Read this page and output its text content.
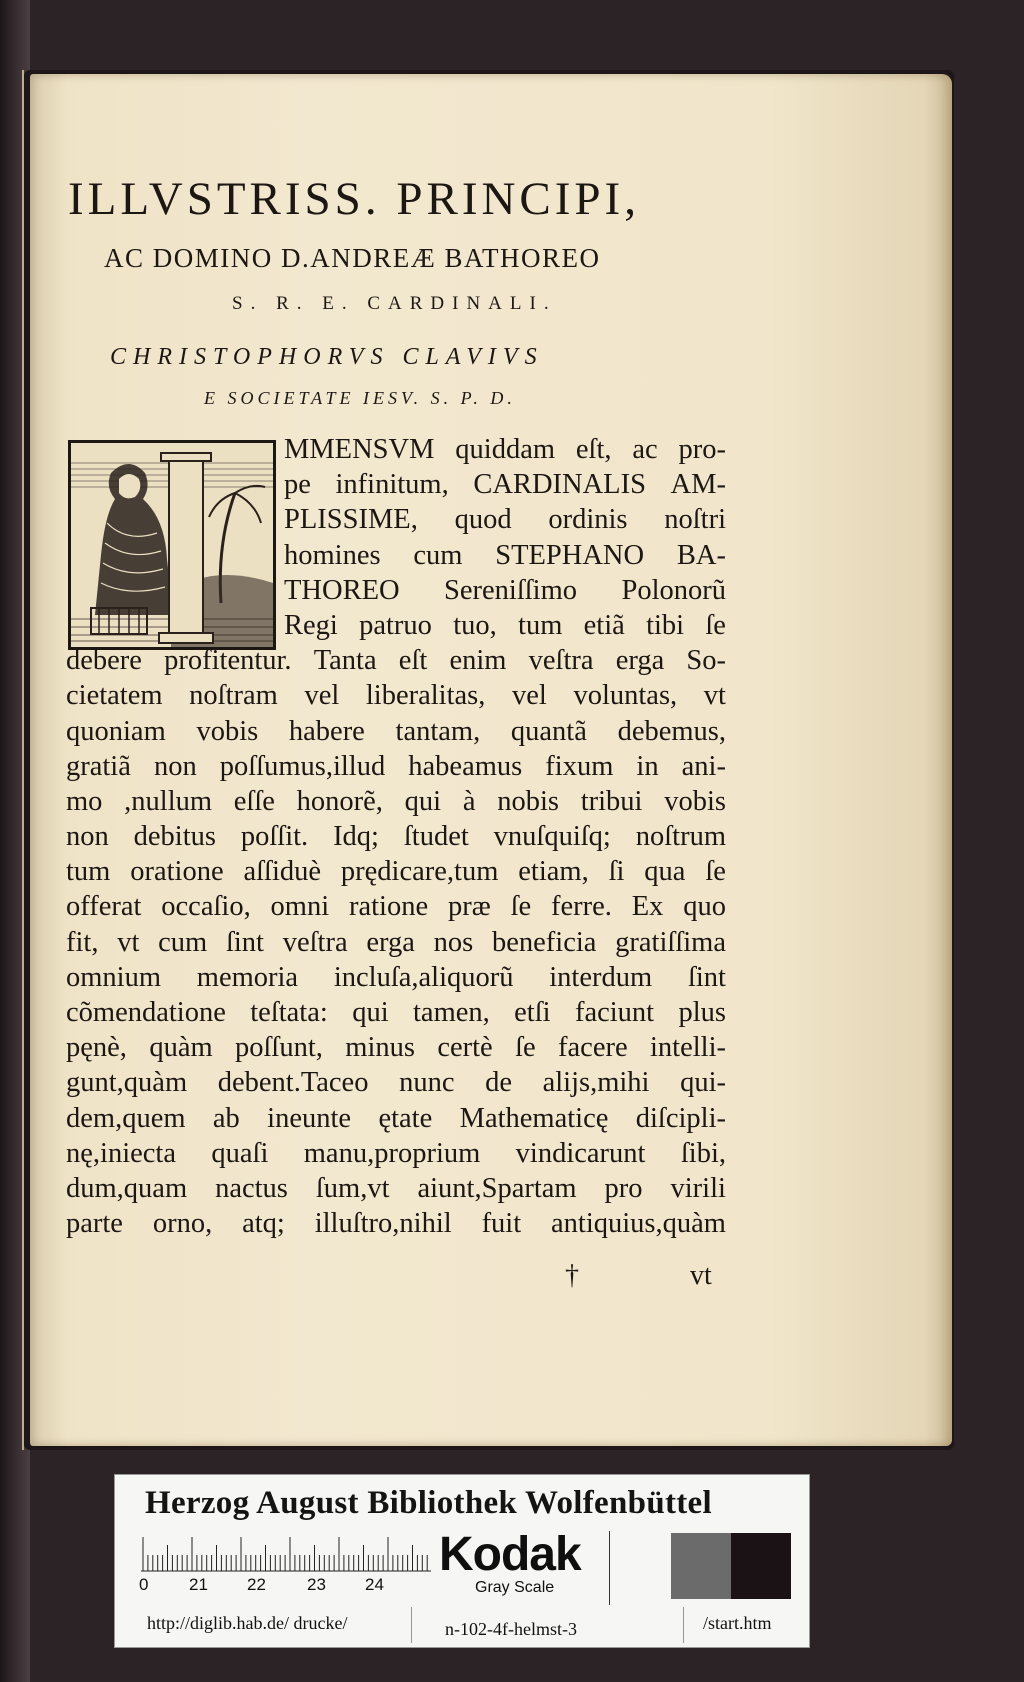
ILLVSTRISS. PRINCIPI,
AC DOMINO D.ANDREÆ BATHOREO
S. R. E. CARDINALI.
CHRISTOPHORVS CLAVIVS
E SOCIETATE IESV. S. P. D.
MMENSVM quiddam eſt, ac pro-
pe infinitum, CARDINALIS AM-
PLISSIME, quod ordinis noſtri
homines cum STEPHANO BA-
THOREO Sereniſſimo Polonorũ
Regi patruo tuo, tum etiã tibi ſe
debere profitentur. Tanta eſt enim veſtra erga So-
cietatem noſtram vel liberalitas, vel voluntas, vt
quoniam vobis habere tantam, quantã debemus,
gratiã non poſſumus,illud habeamus fixum in ani-
mo ,nullum eſſe honorẽ, qui à nobis tribui vobis
non debitus poſſit. Idq; ſtudet vnuſquiſq; noſtrum
tum oratione aſſiduè prędicare,tum etiam, ſi qua ſe
offerat occaſio, omni ratione præ ſe ferre. Ex quo
fit, vt cum ſint veſtra erga nos beneficia gratiſſima
omnium memoria incluſa,aliquorũ interdum ſint
cõmendatione teſtata: qui tamen, etſi faciunt plus
pęnè, quàm poſſunt, minus certè ſe facere intelli-
gunt,quàm debent.Taceo nunc de alijs,mihi qui-
dem,quem ab ineunte ętate Mathematicę diſcipli-
nę,iniecta quaſi manu,proprium vindicarunt ſibi,
dum,quam nactus ſum,vt aiunt,Spartam pro virili
parte orno, atq; illuſtro,nihil fuit antiquius,quàm
†	vt
Herzog August Bibliothek Wolfenbüttel
0 21 22 23 24
Kodak
Gray Scale
http://diglib.hab.de/ drucke/	n-102-4f-helmst-3	/start.htm
